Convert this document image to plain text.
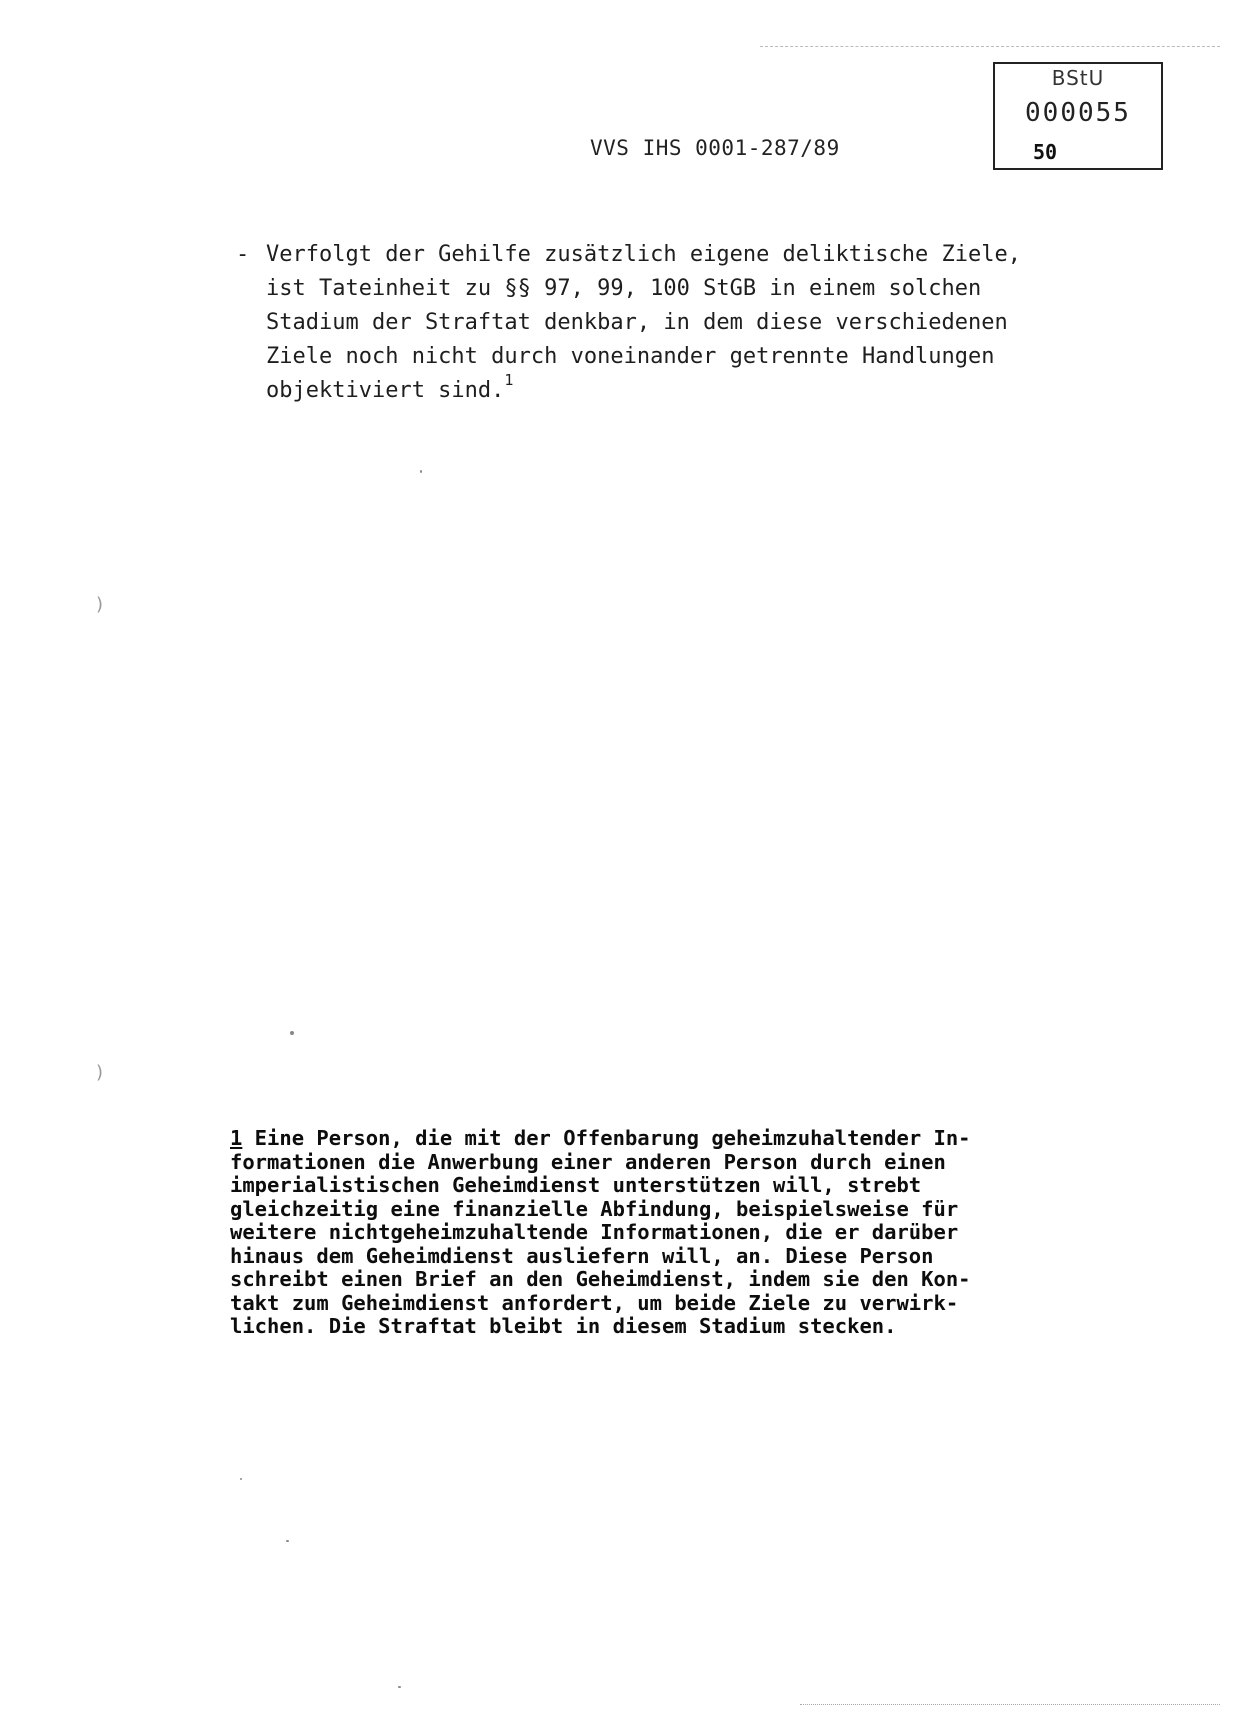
BStU
000055
50
VVS IHS 0001-287/89
- Verfolgt der Gehilfe zusätzlich eigene deliktische Ziele,
ist Tateinheit zu §§ 97, 99, 100 StGB in einem solchen
Stadium der Straftat denkbar, in dem diese verschiedenen
Ziele noch nicht durch voneinander getrennte Handlungen
objektiviert sind.$^1$
1 Eine Person, die mit der Offenbarung geheimzuhaltender In-
formationen die Anwerbung einer anderen Person durch einen
imperialistischen Geheimdienst unterstützen will, strebt
gleichzeitig eine finanzielle Abfindung, beispielsweise für
weitere nichtgeheimzuhaltende Informationen, die er darüber
hinaus dem Geheimdienst ausliefern will, an. Diese Person
schreibt einen Brief an den Geheimdienst, indem sie den Kon-
takt zum Geheimdienst anfordert, um beide Ziele zu verwirk-
lichen. Die Straftat bleibt in diesem Stadium stecken.
)
)
